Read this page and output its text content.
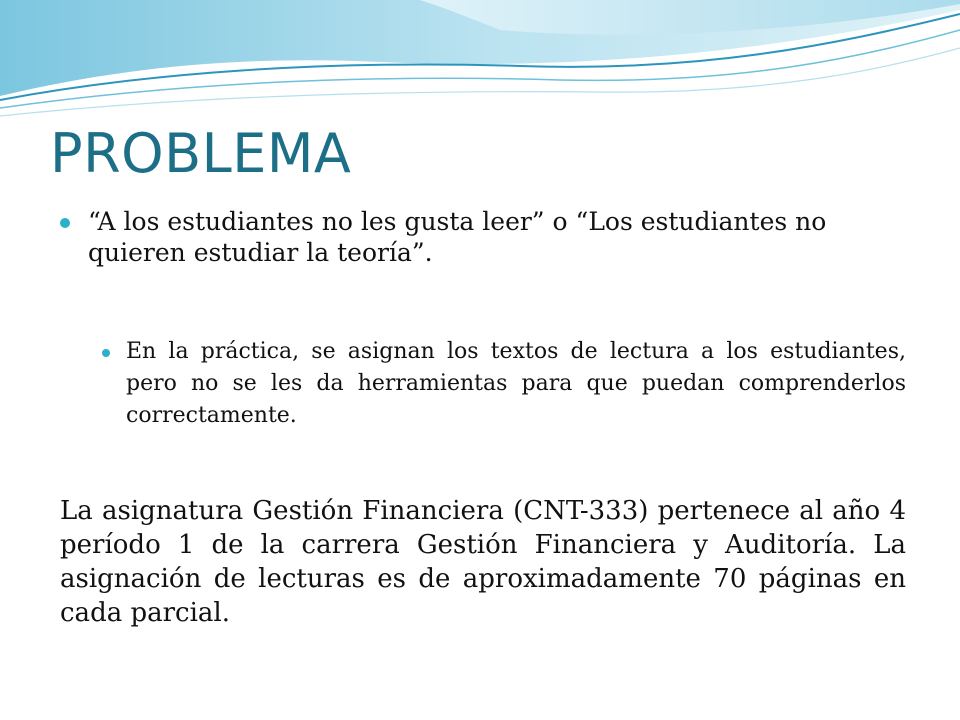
PROBLEMA
“A los estudiantes no les gusta leer” o “Los estudiantes no quieren estudiar la teoría”.
En la práctica, se asignan los textos de lectura a los estudiantes, pero no se les da herramientas para que puedan comprenderlos correctamente.

La asignatura Gestión Financiera (CNT-333) pertenece al año 4 período 1 de la carrera Gestión Financiera y Auditoría. La asignación de lecturas es de aproximadamente 70 páginas en cada parcial.
